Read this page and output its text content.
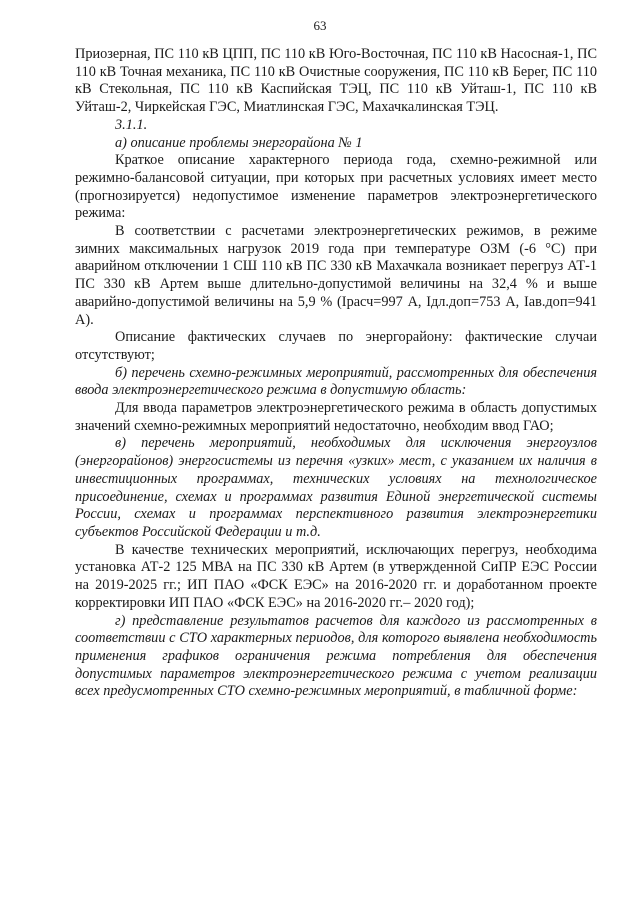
63

Приозерная, ПС 110 кВ ЦПП, ПС 110 кВ Юго-Восточная, ПС 110 кВ Насосная-1, ПС 110 кВ Точная механика, ПС 110 кВ Очистные сооружения, ПС 110 кВ Берег, ПС 110 кВ Стекольная, ПС 110 кВ Каспийская ТЭЦ, ПС 110 кВ Уйташ-1, ПС 110 кВ Уйташ-2, Чиркейская ГЭС, Миатлинская ГЭС, Махачкалинская ТЭЦ.

3.1.1.

а) описание проблемы энергорайона № 1

Краткое описание характерного периода года, схемно-режимной или режимно-балансовой ситуации, при которых при расчетных условиях имеет место (прогнозируется) недопустимое изменение параметров электроэнергетического режима:

В соответствии с расчетами электроэнергетических режимов, в режиме зимних максимальных нагрузок 2019 года при температуре ОЗМ (-6 °С) при аварийном отключении 1 СШ 110 кВ ПС 330 кВ Махачкала возникает перегруз АТ-1 ПС 330 кВ Артем выше длительно-допустимой величины на 32,4 % и выше аварийно-допустимой величины на 5,9 % (Iрасч=997 А, Iдл.доп=753 А, Iав.доп=941 А).

Описание фактических случаев по энергорайону: фактические случаи отсутствуют;

б) перечень схемно-режимных мероприятий, рассмотренных для обеспечения ввода электроэнергетического режима в допустимую область:

Для ввода параметров электроэнергетического режима в область допустимых значений схемно-режимных мероприятий недостаточно, необходим ввод ГАО;

в) перечень мероприятий, необходимых для исключения энергоузлов (энергорайонов) энергосистемы из перечня «узких» мест, с указанием их наличия в инвестиционных программах, технических условиях на технологическое присоединение, схемах и программах развития Единой энергетической системы России, схемах и программах перспективного развития электроэнергетики субъектов Российской Федерации и т.д.

В качестве технических мероприятий, исключающих перегруз, необходима установка АТ-2 125 МВА на ПС 330 кВ Артем (в утвержденной СиПР ЕЭС России на 2019-2025 гг.; ИП ПАО «ФСК ЕЭС» на 2016-2020 гг. и доработанном проекте корректировки ИП ПАО «ФСК ЕЭС» на 2016-2020 гг.– 2020 год);

г) представление результатов расчетов для каждого из рассмотренных в соответствии с СТО характерных периодов, для которого выявлена необходимость применения графиков ограничения режима потребления для обеспечения допустимых параметров электроэнергетического режима с учетом реализации всех предусмотренных СТО схемно-режимных мероприятий, в табличной форме:
